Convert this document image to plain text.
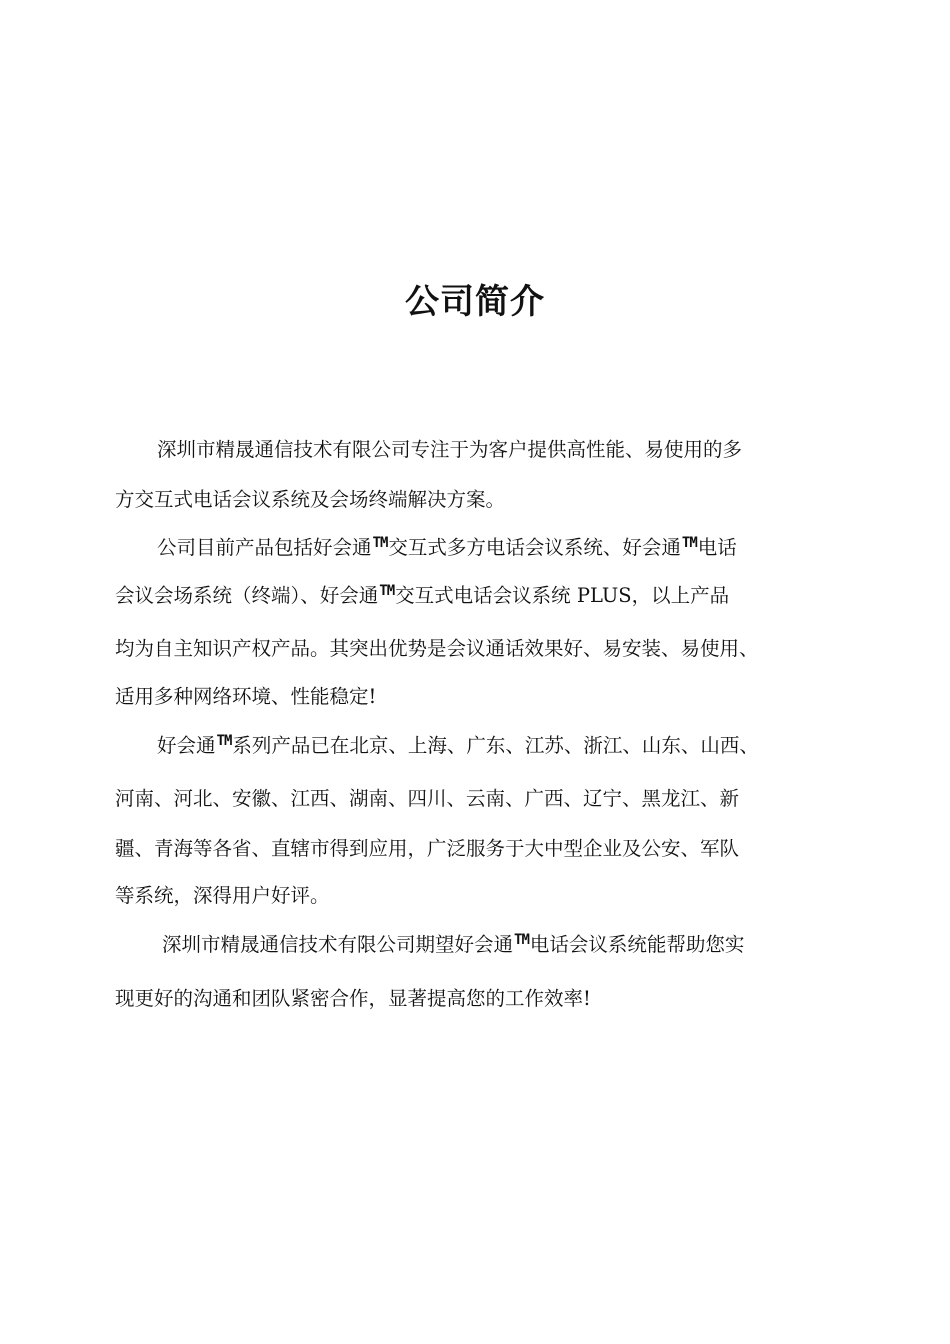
公司简介
深圳市精晟通信技术有限公司专注于为客户提供高性能、易使用的多
方交互式电话会议系统及会场终端解决方案。
公司目前产品包括好会通™交互式多方电话会议系统、好会通™电话
会议会场系统（终端）、好会通™交互式电话会议系统 PLUS，以上产品
均为自主知识产权产品。其突出优势是会议通话效果好、易安装、易使用、
适用多种网络环境、性能稳定!
好会通™系列产品已在北京、上海、广东、江苏、浙江、山东、山西、
河南、河北、安徽、江西、湖南、四川、云南、广西、辽宁、黑龙江、新
疆、青海等各省、直辖市得到应用，广泛服务于大中型企业及公安、军队
等系统，深得用户好评。
深圳市精晟通信技术有限公司期望好会通™电话会议系统能帮助您实
现更好的沟通和团队紧密合作，显著提高您的工作效率!
